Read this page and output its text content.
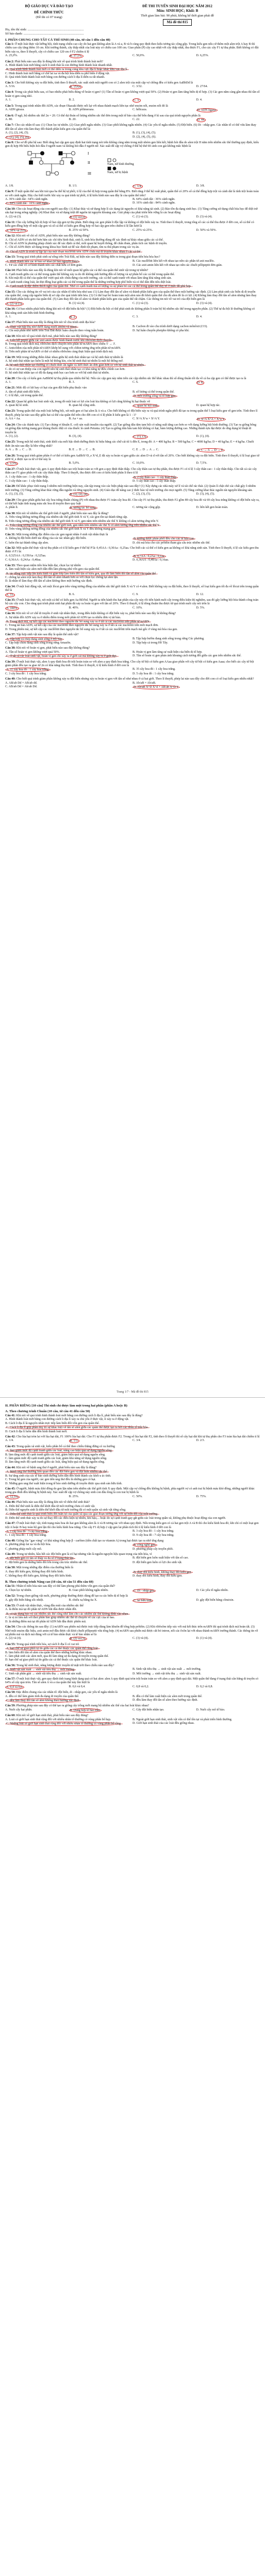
BỘ GIÁO DỤC VÀ ĐÀO TẠO
ĐỀ CHÍNH THỨC
(Đề thi có 07 trang)
ĐỀ THI TUYỂN SINH ĐẠI HỌC NĂM 2012
Môn: SINH HỌC; Khối: B
Thời gian làm bài: 90 phút, không kể thời gian phát đề
Mã đề thi 815
Họ, tên thí sinh: ...................................................................
Số báo danh: ........................................................................
I. PHẦN CHUNG CHO TẤT CẢ THÍ SINH (40 câu, từ câu 1 đến câu 40)
Câu 1: Ở một loài thực vật lưỡng bội, tính trạng chiều cao cây do hai gen không alen là A và a, B và b cùng quy định theo kiểu tương tác cộng gộp. Trong kiểu gen nếu cứ thêm một alen trội A hay B thì chiều cao cây tăng thêm 10 cm. Khi trưởng thành, cây thấp nhất của loài này có chiều cao 100 cm. Giao phấn (P) cây cao nhất với cây thấp nhất, thu được F1, cho các cây F1 tự thụ phấn. Biết không có đột biến xảy ra, theo lí thuyết, cây có chiều cao 120 cm ở F2 chiếm tỉ lệ
A. 25,0%.	B. 37,5%.	C. 50,0%.	D. 6,25%.
Câu 2: Phát biểu nào sau đây là đúng khi nói về quá trình hình thành loài mới?
A. Hình thành loài mới bằng cách li sinh thái là con đường hình thành loài nhanh nhất.
B. Quá trình hình thành loài mới có thể diễn ra trong cùng khu vực địa lí hoặc khác khu vực địa lí.
C. Hình thành loài mới bằng cơ chế lai xa và đa bội hóa diễn ra phổ biến ở động vật.
D. Quá trình hình thành loài mới bằng con đường cách li địa lí diễn ra rất nhanh.
Câu 3: Cho biết không xảy ra đột biến, tính theo lí thuyết, xác suất sinh một người con có 2 alen trội của một cặp vợ chồng đều có kiểu gen AaBbDd là
A. 5/16.	B. 15/64.	C. 3/32.	D. 27/64.
Câu 4: Trong các phát biểu sau, có bao nhiêu phát biểu đúng về hoán vị gen? (1) Tần số hoán vị gen không vượt quá 50%. (2) Hoán vị gen làm tăng biến dị tổ hợp. (3) Các gen nằm càng gần nhau thì tần số hoán vị gen càng nhỏ.
A. 1.	B. 2.	C. 3.	D. 4.
Câu 5: Trong quá trình nhân đôi ADN, các đoạn Okazaki được nối lại với nhau thành mạch liên tục nhờ enzim nối, enzim nối đó là
A. ADN giraza.	B. ADN pôlimeraza.	C. hêlicaza.	D. ADN ligaza.
Câu 6: Ở ngô, bộ nhiễm sắc thể 2n = 20. Có thể dự đoán số lượng nhiễm sắc thể đơn trong một tế bào của thể bốn đang ở kì sau của quá trình nguyên phân là
A. 80.	B. 20.	C. 22.	D. 44.
Câu 7: Cho các nhân tố sau: (1) Chọn lọc tự nhiên. (2) Giao phối ngẫu nhiên. (3) Giao phối không ngẫu nhiên. (4) Các yếu tố ngẫu nhiên. (5) Đột biến. (6) Di - nhập gen. Các nhân tố có thể vừa làm thay đổi tần số alen vừa làm thay đổi thành phần kiểu gen của quần thể là:
A. (1), (2), (4), (5).	B. (1), (3), (4), (5).
C. (1), (4), (5), (6).	D. (2), (4), (5), (6).
Câu 8: Cho sơ đồ phả hệ sau: Biết rằng hai cặp gen quy định hai tính trạng nói trên không cùng nằm trong một nhóm gen liên kết; bệnh hói đầu do alen trội H nằm trên nhiễm sắc thể thường quy định, kiểu gen dị hợp Hh biểu hiện hói đầu ở người nam và không hói đầu ở người nữ. Xác suất để cặp vợ chồng ở thế hệ thứ III sinh con gái không mắc bệnh là
I
II
III
Nam, nữ bình thường
Nam, nữ bị bệnh
A. 1/8.	B. 1/3.	C. 1/4.	D. 3/8.
Câu 9: Ở một quần thể sau khi trải qua ba thế hệ tự phối, tỉ lệ của thể dị hợp trong quần thể bằng 8%. Biết rằng ở thế hệ xuất phát, quần thể có 20% số cá thể đồng hợp trội và cánh dài là tính trội hoàn toàn so với cánh ngắn. Hãy cho biết trước khi xảy ra quá trình tự phối, tỉ lệ kiểu hình nào sau đây là của quần thể trên?
A. 36% cánh dài : 64% cánh ngắn.	B. 64% cánh dài : 36% cánh ngắn.
C. 84% cánh dài : 16% cánh ngắn.	D. 16% cánh dài : 84% cánh ngắn.
Câu 10: Cho các hoạt động của con người sau đây: (1) Khai thác và sử dụng hợp lí các dạng tài nguyên có khả năng tái sinh. (2) Bảo tồn đa dạng sinh học. (3) Tăng cường sử dụng chất hóa học để diệt trừ sâu hại trong nông nghiệp. (4) Khai thác và sử dụng triệt để nguồn tài nguyên khoáng sản. Giải pháp của phát triển bền vững là các hoạt động
A. (2) và (3).	B. (1) và (2).	C. (1) và (3).	D. (3) và (4).
Câu 11: Cho cây lưỡng bội dị hợp về hai cặp gen tự thụ phấn. Biết rằng các gen phân li độc lập và không có đột biến xảy ra. Tính theo lí thuyết, trong tổng số các cá thể thu được ở đời con, số cá thể có kiểu gen đồng hợp về một cặp gen và số cá thể có kiểu gen đồng hợp về hai cặp gen trên chiếm tỉ lệ lần lượt là
A. 50% và 25%.	B. 25% và 50%.	C. 25% và 25%.	D. 50% và 50%.
Câu 12: Khi nói về chỉ số ADN, phát biểu nào sau đây không đúng?
A. Chỉ số ADN có ưu thế hơn hẳn các chỉ tiêu hình thái, sinh lí, sinh hóa thường dùng để xác định sự khác nhau giữa các cá thể.
B. Chỉ số ADN là phương pháp chính xác để xác định cá thể, mối quan hệ huyết thống, để chẩn đoán, phân tích các bệnh di truyền.
C. Chỉ số ADN được sử dụng trong khoa học hình sự để xác định tội phạm, tìm ra thủ phạm trong các vụ án.
D. Chỉ số ADN là trình tự lặp lại của một đoạn nuclêôtit trên ADN chứa mã di truyền khác nhau ở các cá thể.
Câu 13: Trong quá trình phát sinh sự sống trên Trái Đất, sự kiện nào sau đây không diễn ra trong giai đoạn tiến hóa hóa học?
A. Hình thành nên các tế bào sơ khai (tế bào nguyên thủy).	B. Các nuclêôtit liên kết với nhau tạo nên các phân tử axit nuclêic.
C. Từ các chất vô cơ hình thành nên các chất hữu cơ đơn giản.	D. Các axit amin liên kết với nhau tạo nên các chuỗi pôlipeptit đơn giản.
Câu 14: Phát biểu nào sau đây là đúng khi nói về mối quan hệ giữa các cá thể của quần thể sinh vật trong tự nhiên?
A. Cạnh tranh giữa các cá thể trong quần thể không xảy ra do đó không ảnh hưởng đến số lượng và sự phân bố các cá thể trong quần thể.
B. Khi mật độ cá thể của quần thể vượt quá sức chứa đựng của môi trường, các cá thể cạnh tranh với nhau làm tăng khả năng sinh sản.
C. Cạnh tranh cùng loài, ăn thịt đồng loại giữa các cá thể trong quần thể là những trường hợp phổ biến và có thể dẫn đến tiêu diệt loài.
D. Cạnh tranh là đặc điểm thích nghi của quần thể. Nhờ có cạnh tranh mà số lượng và sự phân bố các cá thể trong quần thể duy trì ở mức độ phù hợp.
Câu 15: Cho các thông tin về vai trò của các nhân tố tiến hóa như sau: (1) Làm thay đổi tần số alen và thành phần kiểu gen của quần thể theo một hướng xác định. (2) Làm phát sinh các biến dị di truyền của quần thể, cung cấp nguồn biến dị sơ cấp cho quá trình tiến hóa. (3) Có thể loại bỏ hoàn toàn một alen nào đó khỏi quần thể cho dù alen đó là có lợi. (4) Không làm thay đổi tần số alen nhưng làm thay đổi thành phần kiểu gen của quần thể. (5) Làm thay đổi tần số alen và thành phần kiểu gen của quần thể rất chậm. Các thông tin nói về vai trò của đột biến gen là
A. (2) và (5).	B. (1) và (4).	C. (1) và (3).	D. (3) và (4).
Câu 16: Có bao nhiêu phát biểu đúng khi nói về đột biến đa bội? (1) Đột biến đa bội có thể phát sinh do không phân li toàn bộ bộ nhiễm sắc thể trong nguyên phân. (2) Thể tự đa bội lẻ thường không có khả năng sinh sản hữu tính bình thường.
A. 1.	B. 2.	C. 3.	D. 4.
Câu 17: Phát biểu nào sau đây là đúng khi nói về chu trình sinh địa hóa?
A. Thực vật hấp thụ nitơ dưới dạng muối amôni và nitrat.	B. Cacbon đi vào chu trình dưới dạng cacbon mônôxit (CO).
C. Chỉ một phần nhỏ nước trên Trái Đất được luân chuyển theo vòng tuần hoàn.	D. Sự luân chuyển photpho không có pha khí.
Câu 18: Khi nói về quá trình dịch mã, phát biểu nào sau đây không đúng?
A. Liên kết peptit giữa các axit amin được hình thành trước khi ribôxôm dịch chuyển.
B. Trong quá trình dịch mã, ribôxôm dịch chuyển trên phân tử mARN theo chiều 5' → 3'.
C. Anticôđon của mỗi phân tử tARN khớp bổ sung với côđon tương ứng trên phân tử mARN.
D. Trên mỗi phân tử mARN có thể có nhiều ribôxôm cùng thực hiện quá trình dịch mã.
Câu 19: Một trong những điểm khác nhau giữa hệ sinh thái nhân tạo và hệ sinh thái tự nhiên là
A. hệ sinh thái nhân tạo luôn là một hệ thống kín, còn hệ sinh thái tự nhiên là một hệ thống mở.
B. hệ sinh thái nhân tạo thường có chuỗi thức ăn ngắn và lưới thức ăn đơn giản hơn so với hệ sinh thái tự nhiên.
C. do có sự can thiệp của con người nên hệ sinh thái nhân tạo có khả năng tự điều chỉnh cao hơn.
D. hệ sinh thái nhân tạo có độ đa dạng sinh học cao hơn so với hệ sinh thái tự nhiên.
Câu 20: Cho cây có kiểu gen AaBbDd tự thụ phấn qua nhiều thế hệ. Nếu các cặp gen này nằm trên các cặp nhiễm sắc thể khác nhau thì số dòng thuần tối đa về cả ba cặp gen có thể được tạo ra là
A. 1.	B. 3.	C. 6.	D. 8.
Câu 21: Mức độ có lợi hay có hại của gen đột biến phụ thuộc vào
A. tần số phát sinh đột biến.	B. số lượng cá thể trong quần thể.
C. tỉ lệ đực, cái trong quần thể.	D. môi trường sống và tổ hợp gen.
Câu 22: Quan hệ giữa hai loài sinh vật, trong đó một loài có lợi còn loài kia không có lợi cũng không bị hại thuộc về
A. quan hệ kí sinh.	B. quan hệ cộng sinh.	C. quan hệ hội sinh.	D. quan hệ hợp tác.
Câu 23: Trong quần thể của một loài lưỡng bội, xét một gen có hai alen là A và a. Cho biết không có đột biến xảy ra và quá trình ngẫu phối đã tạo ra trong quần thể 5 loại kiểu gen về gen trên. Tính theo lí thuyết, phép lai nào sau đây giữa hai cá thể của quần thể trên cho đời con có tỉ lệ phân li kiểu gen là 1 : 1?
A. AA × Aa.	B. Aa × aa.	C. X^A X^a × X^A Y.	D. X^A X^A × X^a Y.
Câu 24: Cho các thành tựu: (1) Tạo chủng vi khuẩn E. coli sản xuất insulin của người. (2) Tạo giống dâu tằm tam bội có năng suất tăng cao hơn so với dạng lưỡng bội bình thường. (3) Tạo ra giống bông và giống đậu tương mang gen kháng thuốc diệt cỏ của thuốc lá cảnh Petunia. (4) Tạo ra giống dưa hấu tam bội không có hạt, hàm lượng đường cao. Những thành tựu đạt được do ứng dụng kĩ thuật di truyền là:
A. (1), (2).	B. (3), (4).	C. (1), (3).	D. (1), (4).
Câu 25: Trong một hệ sinh thái, sinh khối của mỗi bậc dinh dưỡng được kí hiệu bằng các chữ cái từ A đến E, trong đó: A = 400 kg/ha; B = 500 kg/ha; C = 4000 kg/ha; D = 40 kg/ha; E = 4 kg/ha. Chuỗi thức ăn nào sau đây là bền vững nhất?
A. A → B → C → D.	B. E → D → C → B.	C. E → D → A → C.	D. C → A → D → E.
Câu 26: Trong quá trình giảm phân ở cơ thể có kiểu gen AaBbX^D_e X^d_E đã xảy ra hoán vị gen giữa các alen D và d với tần số 20%. Cho biết không xảy ra đột biến. Tính theo lí thuyết, tỉ lệ loại giao tử abX^d_e được tạo ra từ cơ thể này là
A. 2,5%.	B. 5,0%.	C. 10,0%.	D. 7,5%.
Câu 27: Ở một loài thực vật, gen A quy định thân cao trội hoàn toàn so với gen a quy định thân thấp. Cho cây thân cao tự thụ phấn, thu được F1 có tỉ lệ 3 cây thân cao : 1 cây thân thấp. Cho tất cả các cây thân cao F1 giao phấn với các cây thân thấp. Theo lí thuyết, thu được đời con có kiểu hình phân li theo tỉ lệ
A. 1 cây thân cao : 1 cây thân thấp.	B. 2 cây thân cao : 1 cây thân thấp.
C. 3 cây thân cao : 1 cây thân thấp.	D. 5 cây thân cao : 1 cây thân thấp.
Câu 28: Để khắc phục tình trạng ô nhiễm môi trường hiện nay, cần tập trung vào các biện pháp nào sau đây? (1) Xây dựng các nhà máy xử lí và tái chế rác thải. (2) Quản lí chặt chẽ các chất gây ô nhiễm môi trường. (3) Tăng cường khai thác rừng đầu nguồn và rừng nguyên sinh. (4) Giáo dục để nâng cao ý thức bảo vệ môi trường cho mọi người. (5) Tăng cường khai thác nguồn tài nguyên khoáng sản.
A. (1), (3), (5).	B. (1), (2), (4).	C. (2), (3), (5).	D. (3), (4), (5).
Câu 29: Cho giao phấn giữa hai cây hoa trắng thuần chủng (P) với nhau thu được F1 toàn cây hoa đỏ. Cho cây F1 tự thụ phấn, thu được F2 gồm 89 cây hoa đỏ và 69 cây hoa trắng không có đột biến xảy ra, có thể kết luận tính trạng màu sắc hoa di truyền theo quy luật
A. phân li.	B. tương tác bổ sung.	C. tương tác cộng gộp.	D. liên kết gen hoàn toàn.
Câu 30: Khi nói về nhiễm sắc thể giới tính ở người, phát biểu nào sau đây là đúng?
A. Trên vùng không tương đồng của nhiễm sắc thể giới tính X và Y, các gen tồn tại thành từng cặp.
B. Trên vùng tương đồng của nhiễm sắc thể giới tính X và Y, gen nằm trên nhiễm sắc thể X không có alen tương ứng trên Y.
C. Trên vùng tương đồng của nhiễm sắc thể giới tính, gen nằm trên nhiễm sắc thể X có alen tương ứng trên nhiễm sắc thể Y.
D. Trên vùng không tương đồng của nhiễm sắc thể giới tính X và Y đều không mang gen.
Câu 31: Một trong những đặc điểm của các gen ngoài nhân ở sinh vật nhân thực là
A. không bị đột biến dưới tác động của các tác nhân gây đột biến.	B. không được phân phối đều cho các tế bào con.
C. luôn tồn tại thành từng cặp alen.	D. chỉ mã hóa cho các prôtêin tham gia cấu trúc nhiễm sắc thể.
Câu 32: Một quần thể thực vật tự thụ phấn có tỉ lệ kiểu gen ở thế hệ P là: 0,45AA : 0,30Aa : 0,25aa. Cho biết các cá thể có kiểu gen aa không có khả năng sinh sản. Tính theo lí thuyết, tỉ lệ các kiểu gen thu được ở F1 là:
A. 0,525AA : 0,150Aa : 0,325aa.	B. 0,7AA : 0,2Aa : 0,1aa.
C. 0,36AA : 0,24Aa : 0,40aa.	D. 0,36AA : 0,48Aa : 0,16aa.
Câu 33: Theo quan niệm tiến hóa hiện đại, chọn lọc tự nhiên
A. làm xuất hiện các alen mới dẫn đến làm phong phú vốn gen của quần thể.
B. tác động trực tiếp lên kiểu hình và gián tiếp làm biến đổi tần số kiểu gen, qua đó làm biến đổi tần số alen của quần thể.
C. chống lại alen trội làm thay đổi tần số alen nhanh hơn so với chọn lọc chống lại alen lặn.
D. là nhân tố làm thay đổi tần số alen không theo một hướng xác định.
Câu 34: Ở một loài động vật, xét một lôcut gen trên vùng tương đồng của nhiễm sắc thể giới tính X và Y có 4 alen. Biết không xảy ra đột biến, theo lí thuyết, số loại kiểu gen tối đa về lôcut trên trong quần thể là
A. 15.	B. 6.	C. 9.	D. 12.
Câu 35: Ở một loài thực vật, xét một cá thể có kiểu gen Aa BD/bd. Người ta tiến hành thu hạt phấn của cây này rồi tiến hành nuôi cấy trong điều kiện thí nghiệm, sau đó gây lưỡng bội hóa thành công toàn bộ các cây con. Cho rằng quá trình phát sinh hạt phấn đã xảy ra hoán vị gen với tần số 20%. Theo lí thuyết, tỉ lệ dòng thuần thu được từ quá trình nuôi cấy nói trên là
A. 100%.	B. 40%.	C. 10%.	D. 5%.
Câu 36: Khi nói về cơ chế di truyền ở sinh vật nhân thực, trong điều kiện không có đột biến xảy ra, phát biểu nào sau đây là không đúng?
A. Sự nhân đôi ADN xảy ra ở nhiều điểm trong mỗi phân tử ADN tạo ra nhiều đơn vị tái bản.
B. Trong dịch mã, sự kết cặp các nuclêôtit theo nguyên tắc bổ sung xảy ra ở tất cả các nuclêôtit trên phân tử mARN.
C. Trong tái bản ADN, sự kết cặp của các nuclêôtit theo nguyên tắc bổ sung xảy ra ở tất cả các nuclêôtit trên mỗi mạch đơn.
D. Trong phiên mã, sự kết cặp các nuclêôtit theo nguyên tắc bổ sung xảy ra ở tất cả các nuclêôtit trên mạch mã gốc ở vùng mã hóa của gen.
Câu 37: Tập hợp sinh vật nào sau đây là quần thể sinh vật?
A. Tập hợp cá chép đang sinh sống ở Hồ Tây.	B. Tập hợp bướm đang sinh sống trong rừng Cúc phương.
C. Tập hợp chim đang sinh sống trong rừng Amazôn.	D. Tập hợp cá trong Hồ Tây.
Câu 38: Khi nói về hoán vị gen, phát biểu nào sau đây không đúng?
A. Tần số hoán vị gen không vượt quá 50%.	B. Hoán vị gen làm tăng sự xuất hiện của biến dị tổ hợp.
C. Ở tất cả các loài sinh vật, hoán vị gen chỉ xảy ra ở giới cái mà không xảy ra ở giới đực.	D. Tần số hoán vị gen phản ánh khoảng cách tương đối giữa các gen trên nhiễm sắc thể.
Câu 39: Ở một loài thực vật, alen A quy định hoa đỏ trội hoàn toàn so với alen a quy định hoa trắng. Cho cây tứ bội có kiểu gen AAaa giao phấn với cây tứ bội có kiểu gen Aaaa; cho biết các cây tứ bội giảm phân đều tạo ra giao tử 2n có khả năng thụ tinh. Tính theo lí thuyết, tỉ lệ kiểu hình ở đời con là
A. 11 cây hoa đỏ : 1 cây hoa trắng.	B. 35 cây hoa đỏ : 1 cây hoa trắng.
C. 3 cây hoa đỏ : 1 cây hoa trắng.	D. 5 cây hoa đỏ : 1 cây hoa trắng.
Câu 40: Cho biết quá trình giảm phân không xảy ra đột biến nhưng xảy ra hoán vị gen với tần số như nhau ở cả hai giới. Theo lí thuyết, phép lai nào sau đây cho đời con có số loại kiểu gen nhiều nhất?
A. AB/ab Dd × AB/ab dd.	B. Ab/aB × Ab/aB.
C. AB/ab Dd × Ab/ab Dd.	D. Ab/aB X^D X^d × AB/ab X^D Y.
Trang 1/7 - Mã đề thi 815
II. PHẦN RIÊNG [10 câu] Thí sinh chỉ được làm một trong hai phần (phần A hoặc B)
A. Theo chương trình Chuẩn (10 câu, từ câu 41 đến câu 50)
Câu 41: Khi nói về quá trình hình thành loài mới bằng con đường cách li địa lí, phát biểu nào sau đây là đúng?
A. Hình thành loài mới bằng con đường cách li địa lí xảy ra chủ yếu ở thực vật, ít xảy ra ở động vật.
B. Cách li địa lí là nguyên nhân trực tiếp làm biến đổi vốn gen của quần thể.
C. Cách li địa lí góp phần duy trì sự khác biệt về tần số alen giữa các quần thể được tạo ra bởi các nhân tố tiến hóa.
D. Cách li địa lí luôn dẫn đến hình thành loài mới.
Câu 42: Cho lúa hạt tròn lai với lúa hạt dài, F1 100% lúa hạt dài. Cho F1 tự thụ phấn được F2. Trong số lúa hạt dài F2, tính theo lí thuyết thì số cây hạt dài khi tự thụ phấn cho F3 toàn lúa hạt dài chiếm tỉ lệ
A. 1/4.	B. 1/3.	C. 3/4.	D. 2/3.
Câu 43: Trong quần xã sinh vật, kiểu phân bố cá thể theo chiều thẳng đứng có xu hướng
A. làm giảm mức độ cạnh tranh giữa các loài, nâng cao hiệu quả sử dụng nguồn sống.
B. làm tăng mức độ cạnh tranh giữa các loài, giảm hiệu quả sử dụng nguồn sống.
C. làm giảm mức độ cạnh tranh giữa các loài, giảm khả năng sử dụng nguồn sống.
D. làm tăng mức độ cạnh tranh giữa các loài, tăng hiệu quả sử dụng nguồn sống.
Câu 44: Khi nói về bệnh ung thư ở người, phát biểu nào sau đây là đúng?
A. Bệnh ung thư thường liên quan đến các đột biến gen và đột biến nhiễm sắc thể.
B. Sự tăng sinh của các tế bào sinh dưỡng luôn dẫn đến hình thành các khối u ác tính.
C. Trong hệ gen của người, các gen tiền ung thư đều là những gen có hại.
D. Những gen ung thư xuất hiện trong tế bào sinh dưỡng di truyền được qua sinh sản hữu tính.
Câu 45: Ở người, bệnh máu khó đông do gen lặn nằm trên nhiễm sắc thể giới tính X quy định. Một cặp vợ chồng đều không bị bệnh, phía người vợ có anh trai bị bệnh máu khó đông, những người khác trong gia đình đều không bị bệnh này. Xác suất để cặp vợ chồng này sinh con đầu lòng là con trai bị bệnh là
A. 12,5%.	B. 25%.	C. 50%.	D. 75%.
Câu 46: Phát biểu nào sau đây là đúng khi nói về diễn thế sinh thái?
A. Diễn thế thứ sinh là diễn thế khởi đầu từ môi trường chưa có sinh vật.
B. Diễn thế nguyên sinh là diễn thế khởi đầu từ môi trường đã có một quần xã sinh vật từng sống.
C. Diễn thế sinh thái là quá trình biến đổi tuần tự của quần xã qua các giai đoạn tương ứng với sự biến đổi của môi trường.
D. Diễn thế sinh thái xảy ra do sự thay đổi các điều kiện tự nhiên, khí hậu,... hoặc do sự cạnh tranh gay gắt giữa các loài trong quần xã, không phụ thuộc hoạt động của con người.
Câu 47: Ở một loài thực vật, tính trạng màu hoa do hai gen không alen là A và B tương tác với nhau quy định. Nếu trong kiểu gen có cả hai gen trội A và B thì cho kiểu hình hoa đỏ; khi chỉ có một loại gen trội A hoặc B hay toàn bộ gen lặn thì cho kiểu hình hoa trắng. Cho cây F1 dị hợp 2 cặp gen lai phân tích thì tỉ lệ kiểu hình ở đời con là
A. 1 cây hoa đỏ : 3 cây hoa trắng.	B. 3 cây hoa đỏ : 1 cây hoa trắng.
C. 1 cây hoa đỏ : 1 cây hoa trắng.	D. 9 cây hoa đỏ : 7 cây hoa trắng.
Câu 48: Giống lúa "gạo vàng" có khả năng tổng hợp β - carôten (tiền chất tạo ra vitamin A) trong hạt được tạo ra nhờ ứng dụng
A. phương pháp lai xa và đa bội hóa.	B. công nghệ gen.
C. phương pháp nuôi cấy mô.	D. phương pháp cấy truyền phôi.
Câu 49: Trong tự nhiên, hầu hết các đột biến gen là có hại nhưng vẫn là nguồn nguyên liệu quan trọng của tiến hóa, vì
A. đột biến gen có tần số thấp và đa số ở trạng thái lặn.	B. đột biến gen luôn xuất hiện với tần số cao.
C. đột biến gen là những biến đổi lớn trong cấu trúc nhiễm sắc thể.	D. đột biến gen luôn có lợi cho sinh vật.
Câu 50: Một trong những đặc điểm của thường biến là
A. thay đổi kiểu gen, không thay đổi kiểu hình.	B. thay đổi kiểu hình, không thay đổi kiểu gen.
C. không thay đổi kiểu gen, không thay đổi kiểu hình.	D. thay đổi kiểu hình, thay đổi kiểu gen.
B. Theo chương trình Nâng cao (10 câu, từ câu 51 đến câu 60)
Câu 51: Nhân tố tiến hóa nào sau đây có thể làm phong phú thêm vốn gen của quần thể?
A. Chọn lọc tự nhiên.	B. Giao phối không ngẫu nhiên.	C. Di - nhập gen.	D. Các yếu tố ngẫu nhiên.
Câu 52: Trong chọn giống vật nuôi, phương pháp thường được dùng để tạo ra các biến dị tổ hợp là
A. gây đột biến bằng sốc nhiệt.	B. chiếu xạ bằng tia X.	C. lai hữu tính.	D. gây đột biến bằng cônsixin.
Câu 53: Ở sinh vật nhân thực, vùng đầu mút của nhiễm sắc thể
A. là điểm mà tại đó phân tử ADN bắt đầu được nhân đôi.
B. có tác dụng bảo vệ các nhiễm sắc thể cũng như làm cho các nhiễm sắc thể không dính vào nhau.
C. là vị trí liên kết với thoi phân bào giúp nhiễm sắc thể di chuyển về các cực của tế bào.
D. là những điểm mà tại đó phân tử ADN bắt đầu được phiên mã.
Câu 54: Cho các thông tin sau đây: (1) mARN sau phiên mã được trực tiếp dùng làm khuôn để tổng hợp prôtêin. (2) Khi ribôxôm tiếp xúc với mã kết thúc trên mARN thì quá trình dịch mã hoàn tất. (3) Nhờ một enzim đặc hiệu, axit amin mở đầu được cắt khỏi chuỗi pôlipeptit vừa tổng hợp. (4) mARN sau phiên mã được cắt bỏ intron, nối các êxôn lại với nhau thành mARN trưởng thành. Các thông tin về sự phiên mã và dịch mã đúng với cả tế bào nhân thực và tế bào nhân sơ là
A. (2) và (4).	B. (2) và (3).	C. (3) và (4).	D. (1) và (4).
Câu 55: Trong quá trình tiến hóa, sự cách li địa lí có vai trò
A. hạn chế sự giao phối tự do giữa các cá thể thuộc các quần thể cùng loài.
B. làm biến đổi tần số alen của quần thể theo những hướng khác nhau.
C. làm phát sinh các alen mới, qua đó làm tăng sự đa dạng di truyền trong quần thể.
D. hạn chế sự giao phối tự do giữa các cá thể thuộc các quần thể khác loài.
Câu 56: Trong hệ sinh thái, năng lượng được truyền từ mặt trời theo chiều nào sau đây?
A. Sinh vật sản xuất → sinh vật tiêu thụ → môi trường.	B. Sinh vật tiêu thụ → sinh vật sản xuất → môi trường.
C. Sinh vật phân giải → sinh vật tiêu thụ → sinh vật sản xuất.	D. Môi trường → sinh vật tiêu thụ → sinh vật sản xuất.
Câu 57: Ở một loài thực vật, gen quy định tính trạng hình dạng quả có hai alen: alen A quy định quả tròn trội hoàn toàn so với alen a quy định quả dài. Một quần thể đang ở trạng thái cân bằng di truyền có 64% số cây quả tròn. Tần số alen A và a của quần thể này lần lượt là
A. 0,4 và 0,6.	B. 0,6 và 0,4.	C. 0,8 và 0,2.	D. 0,2 và 0,8.
Câu 58: Đặc điểm chung của các nhân tố: đột biến, di - nhập gen, các yếu tố ngẫu nhiên là
A. đều có thể làm giảm tính đa dạng di truyền của quần thể.	B. đều có thể làm xuất hiện các alen mới trong quần thể.
C. đều làm thay đổi tần số alen không theo hướng xác định.	D. đều làm thay đổi tần số alen theo hướng xác định.
Câu 59: Phương pháp nào sau đây có thể tạo ra giống cây trồng mới mang bộ nhiễm sắc thể của hai loài khác nhau?
A. Nuôi cấy hạt phấn.	B. Dung hợp tế bào trần.	C. Gây đột biến nhân tạo.	D. Nuôi cấy mô tế bào.
Câu 60: Khi nói về giới hạn sinh thái, phát biểu nào sau đây đúng?
A. Loài có giới hạn sinh thái rộng đối với nhiều nhân tố thường có vùng phân bố hẹp.	B. Ngoài giới hạn sinh thái, sinh vật vẫn có thể tồn tại và phát triển bình thường.
C. Những loài có giới hạn sinh thái rộng đối với nhiều nhân tố thường có vùng phân bố rộng.	D. Giới hạn sinh thái của các loài đều giống nhau.
